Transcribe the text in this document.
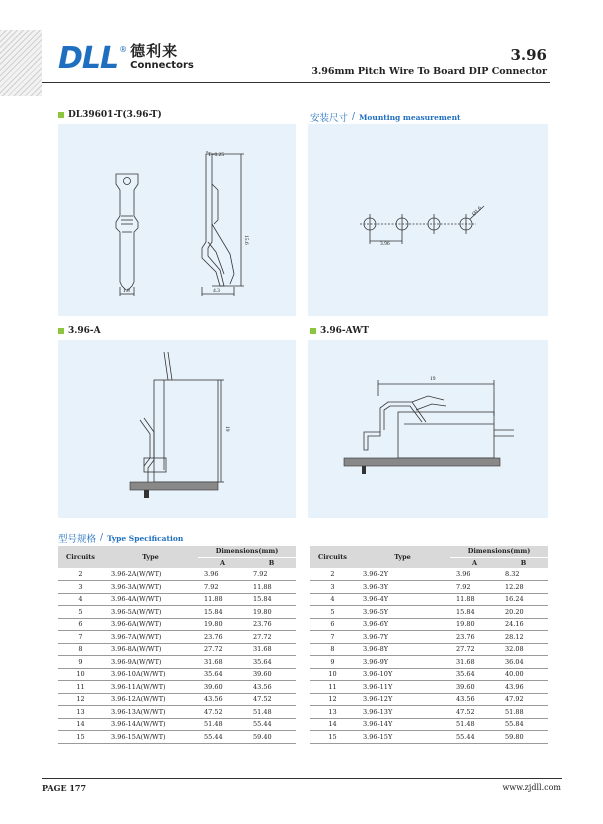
DLL ® 德利来
Connectors
3.96
3.96mm Pitch Wire To Board DIP Connector
DL39601-T(3.96-T)
T=0.25
15.6
1.8	4.3
安装尺寸 / Mounting measurement
3.96
Ø1.6
3.96-A
19
3.96-AWT
19
型号规格 / Type Specification
Circuits	Type	Dimensions(mm)	
		A	B
2	3.96-2A(W/WT)	3.96	7.92
3	3.96-3A(W/WT)	7.92	11.88
4	3.96-4A(W/WT)	11.88	15.84
5	3.96-5A(W/WT)	15.84	19.80
6	3.96-6A(W/WT)	19.80	23.76
7	3.96-7A(W/WT)	23.76	27.72
8	3.96-8A(W/WT)	27.72	31.68
9	3.96-9A(W/WT)	31.68	35.64
10	3.96-10A(W/WT)	35.64	39.60
11	3.96-11A(W/WT)	39.60	43.56
12	3.96-12A(W/WT)	43.56	47.52
13	3.96-13A(W/WT)	47.52	51.48
14	3.96-14A(W/WT)	51.48	55.44
15	3.96-15A(W/WT)	55.44	59.40
Circuits	Type	Dimensions(mm)	
		A	B
2	3.96-2Y	3.96	8.32
3	3.96-3Y	7.92	12.28
4	3.96-4Y	11.88	16.24
5	3.96-5Y	15.84	20.20
6	3.96-6Y	19.80	24.16
7	3.96-7Y	23.76	28.12
8	3.96-8Y	27.72	32.08
9	3.96-9Y	31.68	36.04
10	3.96-10Y	35.64	40.00
11	3.96-11Y	39.60	43.96
12	3.96-12Y	43.56	47.92
13	3.96-13Y	47.52	51.88
14	3.96-14Y	51.48	55.84
15	3.96-15Y	55.44	59.80
PAGE 177	www.zjdll.com
